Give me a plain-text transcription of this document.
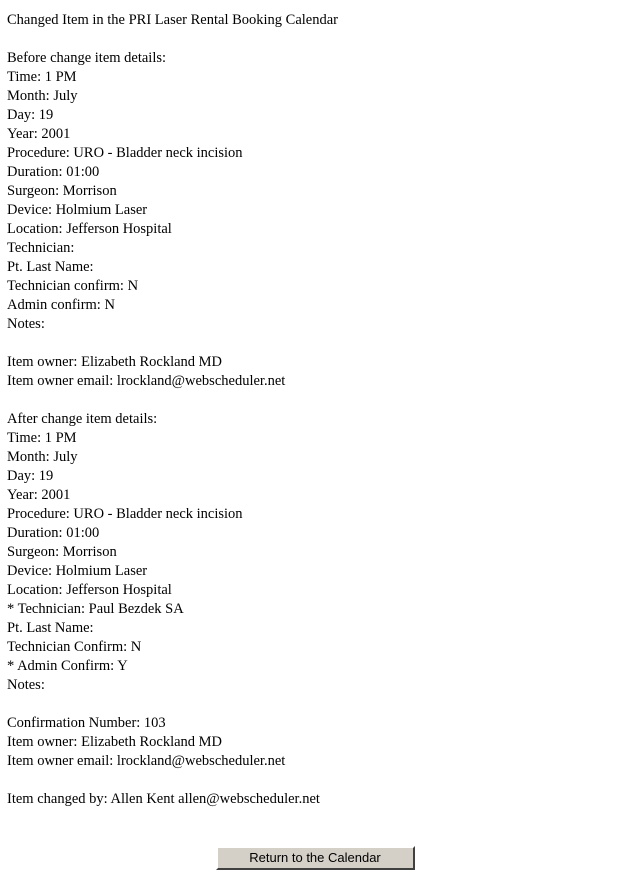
Changed Item in the PRI Laser Rental Booking Calendar
Before change item details:
Time: 1 PM
Month: July
Day: 19
Year: 2001
Procedure: URO - Bladder neck incision
Duration: 01:00
Surgeon: Morrison
Device: Holmium Laser
Location: Jefferson Hospital
Technician:
Pt. Last Name:
Technician confirm: N
Admin confirm: N
Notes:
Item owner: Elizabeth Rockland MD
Item owner email: lrockland@webscheduler.net
After change item details:
Time: 1 PM
Month: July
Day: 19
Year: 2001
Procedure: URO - Bladder neck incision
Duration: 01:00
Surgeon: Morrison
Device: Holmium Laser
Location: Jefferson Hospital
* Technician: Paul Bezdek SA
Pt. Last Name:
Technician Confirm: N
* Admin Confirm: Y
Notes:
Confirmation Number: 103
Item owner: Elizabeth Rockland MD
Item owner email: lrockland@webscheduler.net
Item changed by: Allen Kent allen@webscheduler.net
Return to the Calendar
